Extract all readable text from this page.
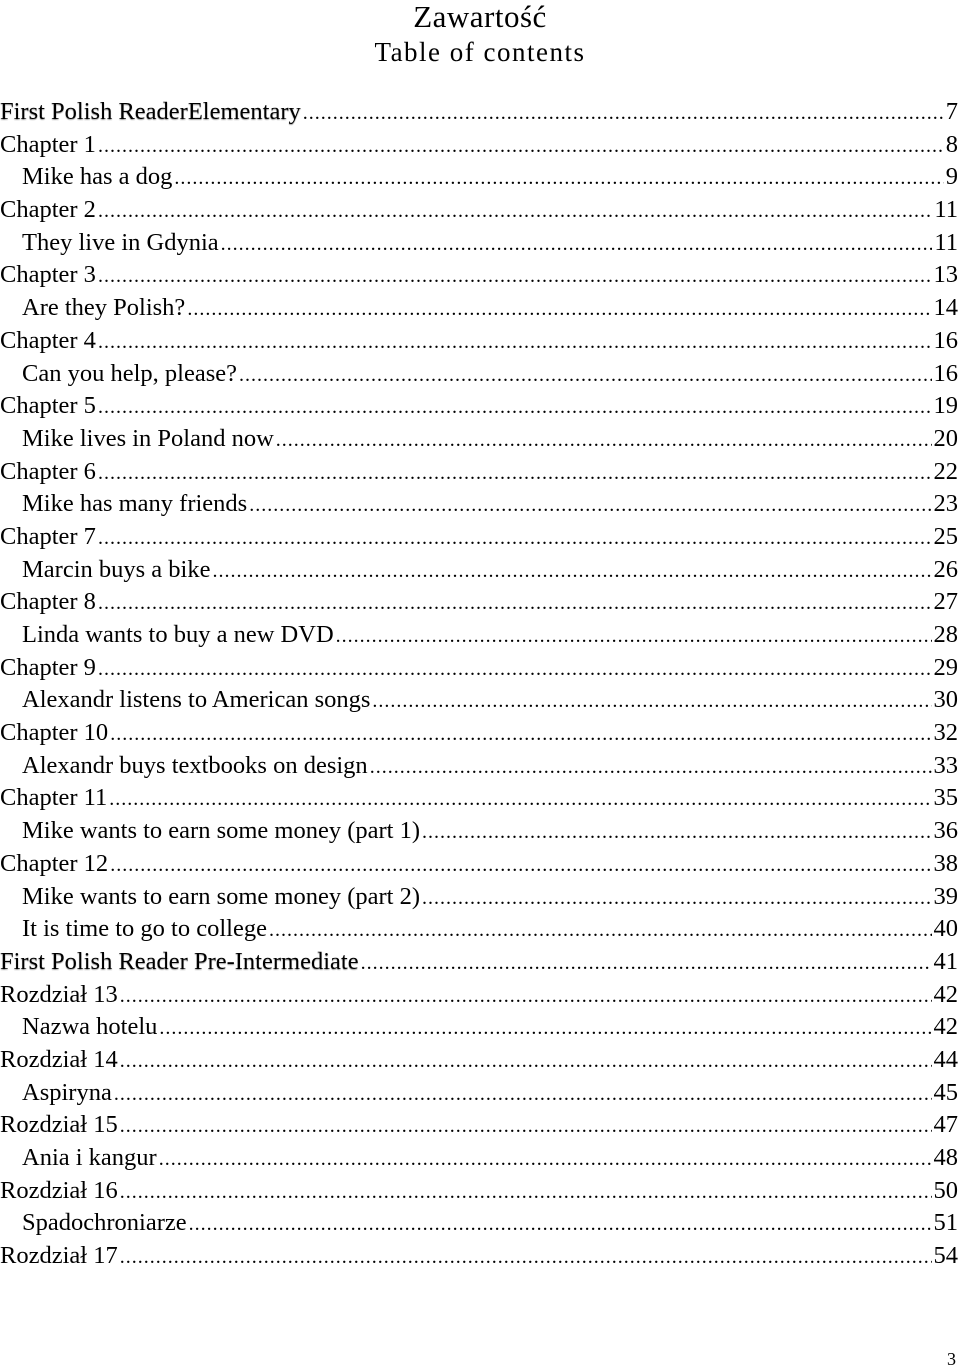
Zawartość
Table of contents
First Polish ReaderElementary .....	7
Chapter 1 .....	8
Mike has a dog .....	9
Chapter 2 .....	11
They live in Gdynia .....	11
Chapter 3 .....	13
Are they Polish? .....	14
Chapter 4 .....	16
Can you help, please? .....	16
Chapter 5 .....	19
Mike lives in Poland now .....	20
Chapter 6 .....	22
Mike has many friends .....	23
Chapter 7 .....	25
Marcin buys a bike .....	26
Chapter 8 .....	27
Linda wants to buy a new DVD .....	28
Chapter 9 .....	29
Alexandr listens to American songs .....	30
Chapter 10 .....	32
Alexandr buys textbooks on design .....	33
Chapter 11 .....	35
Mike wants to earn some money (part 1) .....	36
Chapter 12 .....	38
Mike wants to earn some money (part 2) .....	39
It is time to go to college .....	40
First Polish Reader Pre-Intermediate .....	41
Rozdział 13 .....	42
Nazwa hotelu .....	42
Rozdział 14 .....	44
Aspiryna .....	45
Rozdział 15 .....	47
Ania i kangur .....	48
Rozdział 16 .....	50
Spadochroniarze .....	51
Rozdział 17 .....	54
3
